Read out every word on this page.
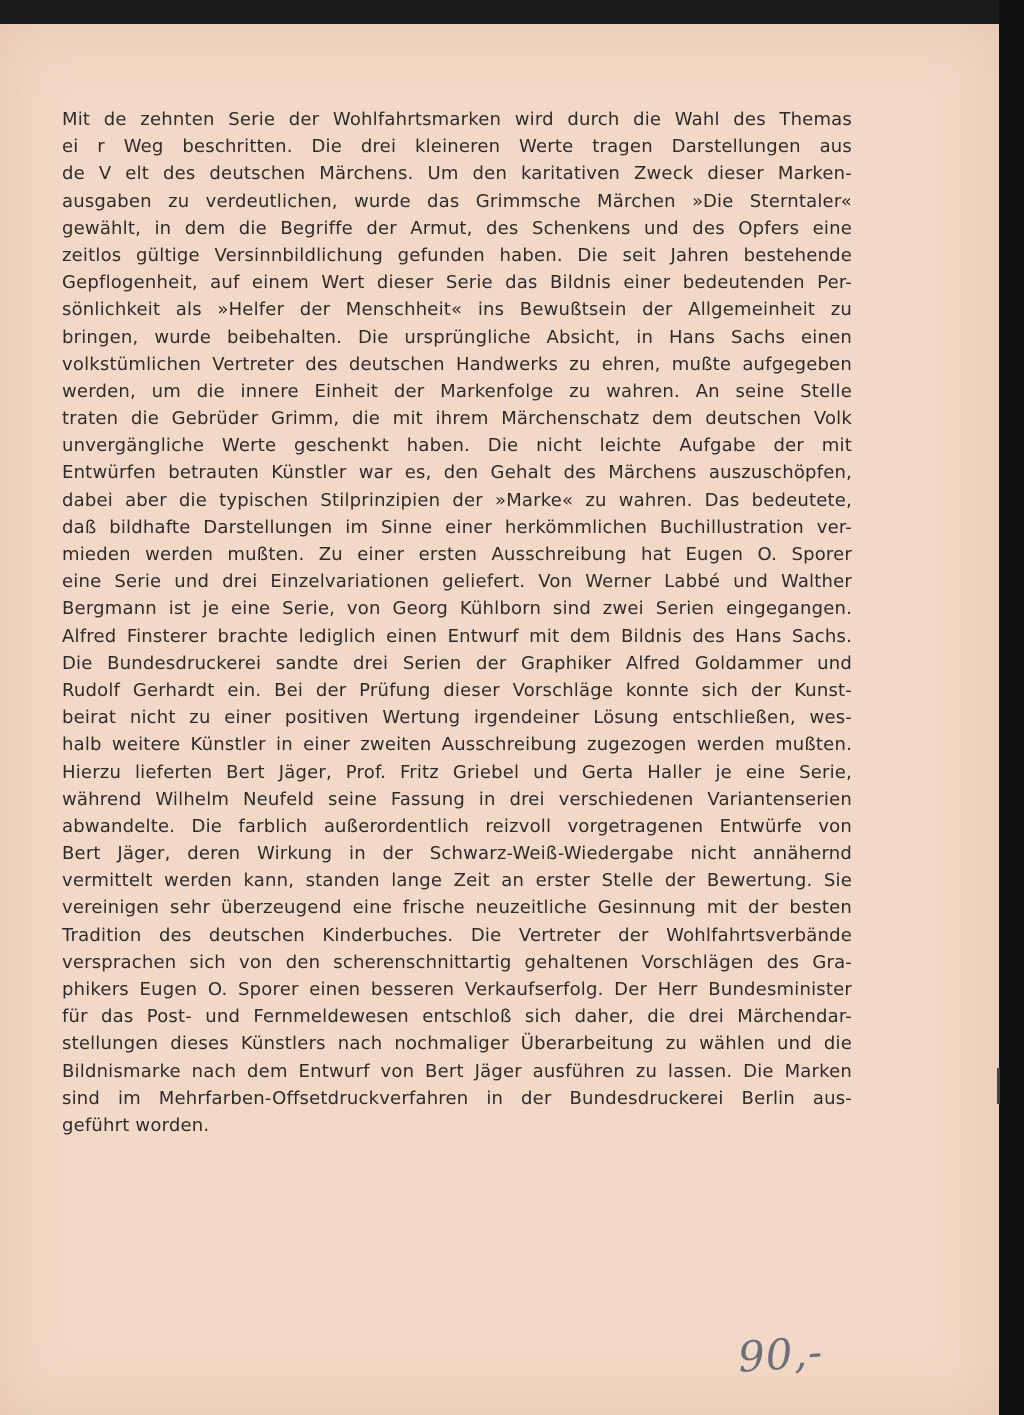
Mit de zehnten Serie der Wohlfahrtsmarken wird durch die Wahl des Themas
ei r Weg beschritten. Die drei kleineren Werte tragen Darstellungen aus
de V elt des deutschen Märchens. Um den karitativen Zweck dieser Marken-
ausgaben zu verdeutlichen, wurde das Grimmsche Märchen »Die Sterntaler«
gewählt, in dem die Begriffe der Armut, des Schenkens und des Opfers eine
zeitlos gültige Versinnbildlichung gefunden haben. Die seit Jahren bestehende
Gepflogenheit, auf einem Wert dieser Serie das Bildnis einer bedeutenden Per-
sönlichkeit als »Helfer der Menschheit« ins Bewußtsein der Allgemeinheit zu
bringen, wurde beibehalten. Die ursprüngliche Absicht, in Hans Sachs einen
volkstümlichen Vertreter des deutschen Handwerks zu ehren, mußte aufgegeben
werden, um die innere Einheit der Markenfolge zu wahren. An seine Stelle
traten die Gebrüder Grimm, die mit ihrem Märchenschatz dem deutschen Volk
unvergängliche Werte geschenkt haben. Die nicht leichte Aufgabe der mit
Entwürfen betrauten Künstler war es, den Gehalt des Märchens auszuschöpfen,
dabei aber die typischen Stilprinzipien der »Marke« zu wahren. Das bedeutete,
daß bildhafte Darstellungen im Sinne einer herkömmlichen Buchillustration ver-
mieden werden mußten. Zu einer ersten Ausschreibung hat Eugen O. Sporer
eine Serie und drei Einzelvariationen geliefert. Von Werner Labbé und Walther
Bergmann ist je eine Serie, von Georg Kühlborn sind zwei Serien eingegangen.
Alfred Finsterer brachte lediglich einen Entwurf mit dem Bildnis des Hans Sachs.
Die Bundesdruckerei sandte drei Serien der Graphiker Alfred Goldammer und
Rudolf Gerhardt ein. Bei der Prüfung dieser Vorschläge konnte sich der Kunst-
beirat nicht zu einer positiven Wertung irgendeiner Lösung entschließen, wes-
halb weitere Künstler in einer zweiten Ausschreibung zugezogen werden mußten.
Hierzu lieferten Bert Jäger, Prof. Fritz Griebel und Gerta Haller je eine Serie,
während Wilhelm Neufeld seine Fassung in drei verschiedenen Variantenserien
abwandelte. Die farblich außerordentlich reizvoll vorgetragenen Entwürfe von
Bert Jäger, deren Wirkung in der Schwarz-Weiß-Wiedergabe nicht annähernd
vermittelt werden kann, standen lange Zeit an erster Stelle der Bewertung. Sie
vereinigen sehr überzeugend eine frische neuzeitliche Gesinnung mit der besten
Tradition des deutschen Kinderbuches. Die Vertreter der Wohlfahrtsverbände
versprachen sich von den scherenschnittartig gehaltenen Vorschlägen des Gra-
phikers Eugen O. Sporer einen besseren Verkaufserfolg. Der Herr Bundesminister
für das Post- und Fernmeldewesen entschloß sich daher, die drei Märchendar-
stellungen dieses Künstlers nach nochmaliger Überarbeitung zu wählen und die
Bildnismarke nach dem Entwurf von Bert Jäger ausführen zu lassen. Die Marken
sind im Mehrfarben-Offsetdruckverfahren in der Bundesdruckerei Berlin aus-
geführt worden.
90,-
